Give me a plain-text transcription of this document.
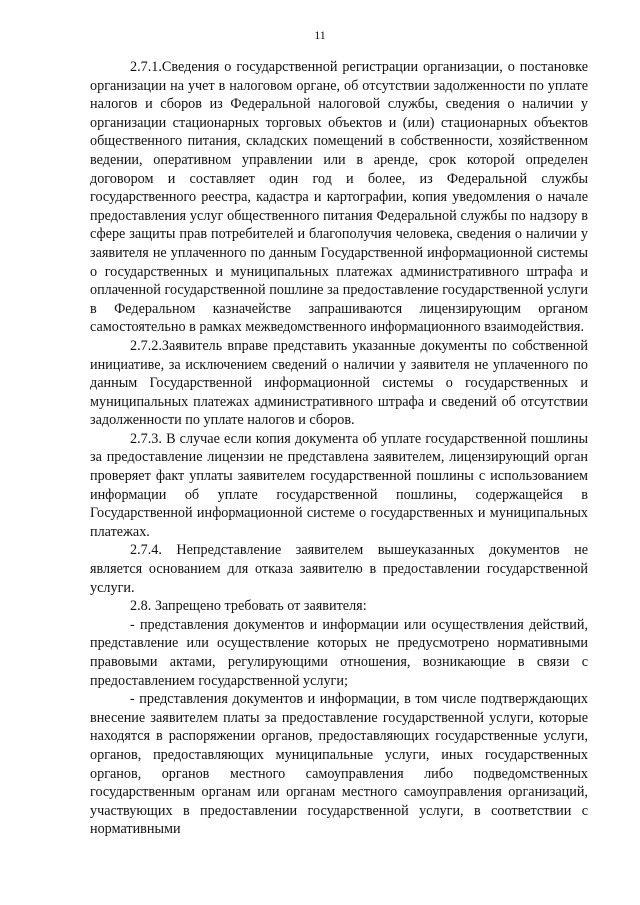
11

2.7.1.Сведения о государственной регистрации организации, о постановке организации на учет в налоговом органе, об отсутствии задолженности по уплате налогов и сборов из Федеральной налоговой службы, сведения о наличии у организации стационарных торговых объектов и (или) стационарных объектов общественного питания, складских помещений в собственности, хозяйственном ведении, оперативном управлении или в аренде, срок которой определен договором и составляет один год и более, из Федеральной службы государственного реестра, кадастра и картографии, копия уведомления о начале предоставления услуг общественного питания Федеральной службы по надзору в сфере защиты прав потребителей и благополучия человека, сведения о наличии у заявителя не уплаченного по данным Государственной информационной системы о государственных и муниципальных платежах административного штрафа и оплаченной государственной пошлине за предоставление государственной услуги в Федеральном казначействе запрашиваются лицензирующим органом самостоятельно в рамках межведомственного информационного взаимодействия.

2.7.2.Заявитель вправе представить указанные документы по собственной инициативе, за исключением сведений о наличии у заявителя не уплаченного по данным Государственной информационной системы о государственных и муниципальных платежах административного штрафа и сведений об отсутствии задолженности по уплате налогов и сборов.

2.7.3. В случае если копия документа об уплате государственной пошлины за предоставление лицензии не представлена заявителем, лицензирующий орган проверяет факт уплаты заявителем государственной пошлины с использованием информации об уплате государственной пошлины, содержащейся в Государственной информационной системе о государственных и муниципальных платежах.

2.7.4. Непредставление заявителем вышеуказанных документов не является основанием для отказа заявителю в предоставлении государственной услуги.

2.8. Запрещено требовать от заявителя:

- представления документов и информации или осуществления действий, представление или осуществление которых не предусмотрено нормативными правовыми актами, регулирующими отношения, возникающие в связи с предоставлением государственной услуги;

- представления документов и информации, в том числе подтверждающих внесение заявителем платы за предоставление государственной услуги, которые находятся в распоряжении органов, предоставляющих государственные услуги, органов, предоставляющих муниципальные услуги, иных государственных органов, органов местного самоуправления либо подведомственных государственным органам или органам местного самоуправления организаций, участвующих в предоставлении государственной услуги, в соответствии с нормативными
